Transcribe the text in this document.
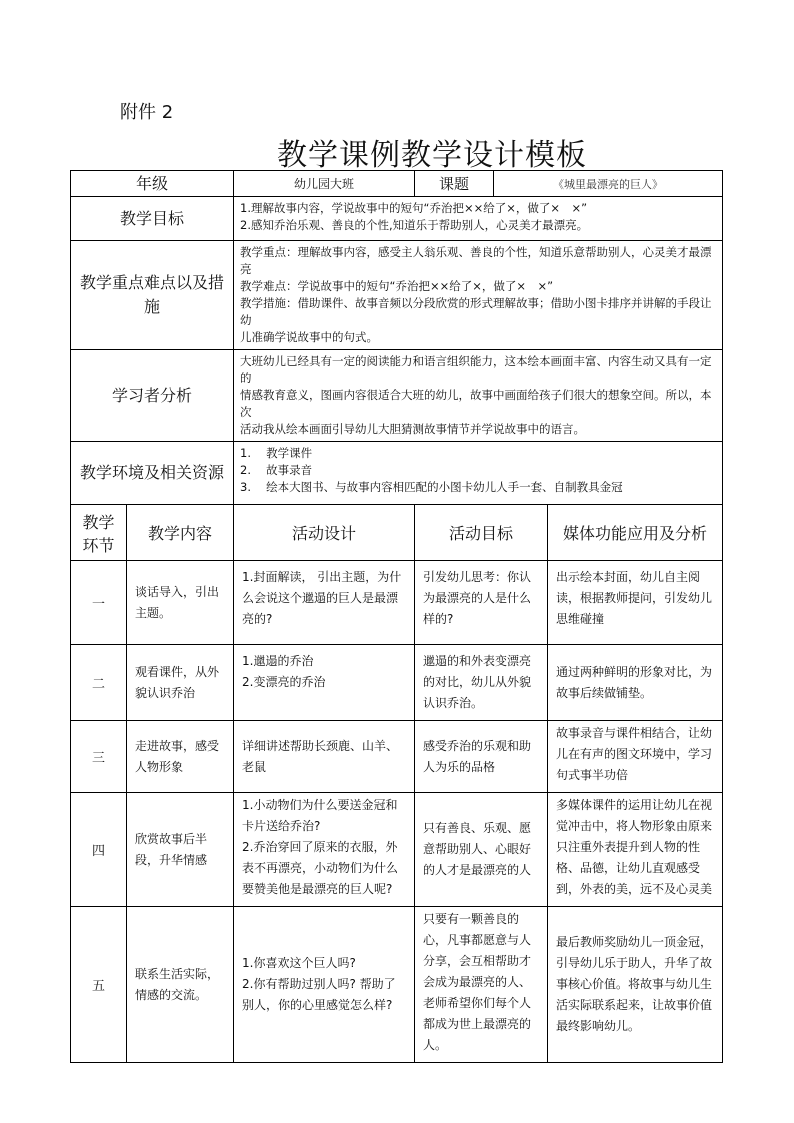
附件 2
教学课例教学设计模板
年级		幼儿园大班	课题	《城里最漂亮的巨人》	
教学目标		1.理解故事内容，学说故事中的短句“乔治把××给了×，做了×　×”
2.感知乔治乐观、善良的个性,知道乐于帮助别人，心灵美才最漂亮。			

教学重点难点以及措施		教学重点：理解故事内容，感受主人翁乐观、善良的个性，知道乐意帮助别人，心灵美才最漂亮
教学难点：学说故事中的短句“乔治把××给了×，做了×　×”
教学措施：借助课件、故事音频以分段欣赏的形式理解故事；借助小图卡排序并讲解的手段让幼
儿准确学说故事中的句式。			

学习者分析		大班幼儿已经具有一定的阅读能力和语言组织能力，这本绘本画面丰富、内容生动又具有一定的
情感教育意义，图画内容很适合大班的幼儿，故事中画面给孩子们很大的想象空间。所以，本次
活动我从绘本画面引导幼儿大胆猜测故事情节并学说故事中的语言。			

教学环境及相关资源		1.　 教学课件
2.　 故事录音
3.　 绘本大图书、与故事内容相匹配的小图卡幼儿人手一套、自制教具金冠			

教学环节	教学内容	活动设计	活动目标		媒体功能应用及分析
一	谈话导入，引出主题。	1.封面解读， 引出主题，为什么会说这个邋遢的巨人是最漂亮的?	引发幼儿思考：你认为最漂亮的人是什么样的?		出示绘本封面，幼儿自主阅读，根据教师提问，引发幼儿思维碰撞
二	观看课件，从外貌认识乔治	1.邋遢的乔治
2.变漂亮的乔治	邋遢的和外表变漂亮的对比，幼儿从外貌认识乔治。		通过两种鲜明的形象对比，为故事后续做铺垫。
三	走进故事，感受人物形象	详细讲述帮助长颈鹿、山羊、老鼠	感受乔治的乐观和助人为乐的品格		故事录音与课件相结合，让幼儿在有声的图文环境中，学习句式事半功倍
四	欣赏故事后半段，升华情感	1.小动物们为什么要送金冠和卡片送给乔治?
2.乔治穿回了原来的衣服，外表不再漂亮，小动物们为什么要赞美他是最漂亮的巨人呢?	只有善良、乐观、愿意帮助别人、心眼好的人才是最漂亮的人		多媒体课件的运用让幼儿在视觉冲击中，将人物形象由原来只注重外表提升到人物的性格、品德，让幼儿直观感受到，外表的美，远不及心灵美
五	联系生活实际，情感的交流。	1.你喜欢这个巨人吗?
2.你有帮助过别人吗? 帮助了别人，你的心里感觉怎么样?	只要有一颗善良的心，凡事都愿意与人分享，会互相帮助才会成为最漂亮的人、老师希望你们每个人都成为世上最漂亮的人。		最后教师奖励幼儿一顶金冠，引导幼儿乐于助人，升华了故事核心价值。将故事与幼儿生活实际联系起来，让故事价值最终影响幼儿。
